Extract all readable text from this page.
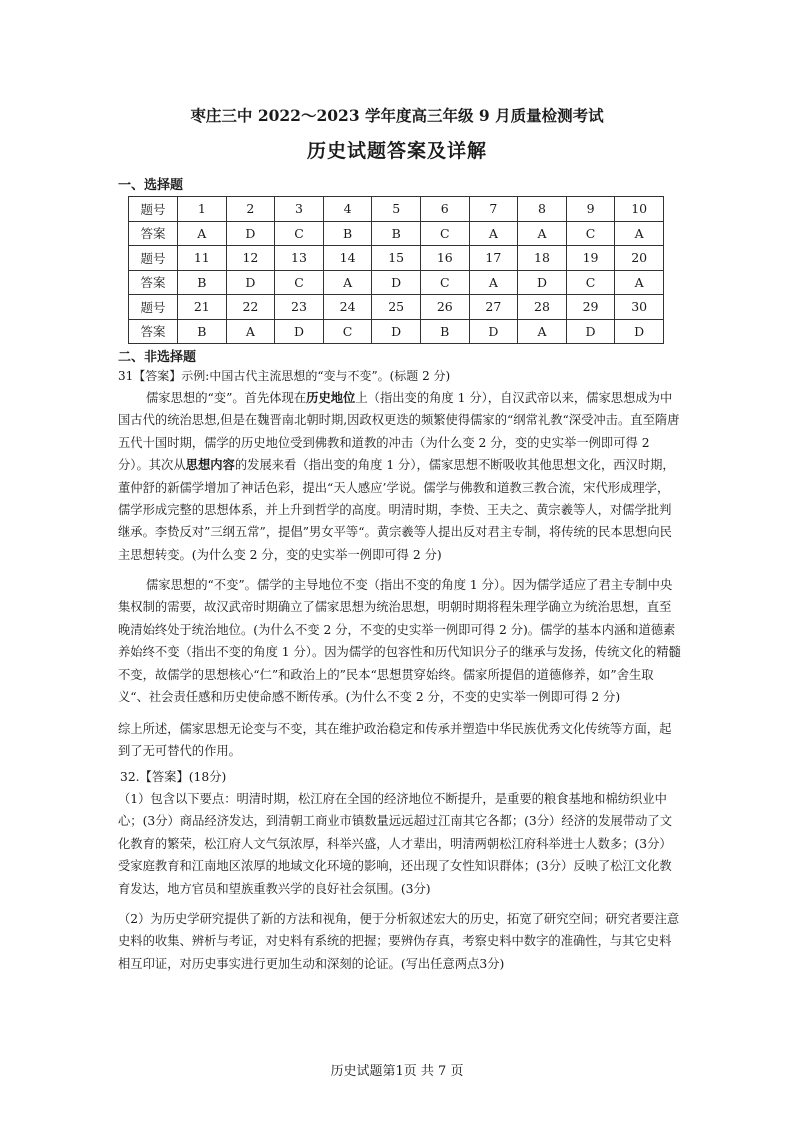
枣庄三中 2022～2023 学年度高三年级 9 月质量检测考试
历史试题答案及详解
一、选择题
题号	1	2	3	4	5	6	7	8	9	10
答案	A	D	C	B	B	C	A	A	C	A
题号	11	12	13	14	15	16	17	18	19	20
答案	B	D	C	A	D	C	A	D	C	A
题号	21	22	23	24	25	26	27	28	29	30
答案	B	A	D	C	D	B	D	A	D	D
二、非选择题
31【答案】示例:中国古代主流思想的“变与不变”。(标题 2 分)
儒家思想的“变”。首先体现在历史地位上（指出变的角度 1 分），自汉武帝以来，儒家思想成为中国古代的统治思想,但是在魏晋南北朝时期,因政权更迭的频繁使得儒家的“纲常礼教“深受冲击。直至隋唐五代十国时期，儒学的历史地位受到佛教和道教的冲击（为什么变 2 分，变的史实举一例即可得 2 分）。其次从思想内容的发展来看（指出变的角度 1 分），儒家思想不断吸收其他思想文化，西汉时期，董仲舒的新儒学增加了神话色彩，提出“天人感应’学说。儒学与佛教和道教三教合流，宋代形成理学，儒学形成完整的思想体系，并上升到哲学的高度。明清时期，李贽、王夫之、黄宗羲等人，对儒学批判继承。李贽反对”三纲五常”，提倡”男女平等“。黄宗羲等人提出反对君主专制，将传统的民本思想向民主思想转变。(为什么变 2 分，变的史实举一例即可得 2 分)
儒家思想的“不变”。儒学的主导地位不变（指出不变的角度 1 分）。因为儒学适应了君主专制中央集权制的需要，故汉武帝时期确立了儒家思想为统治思想，明朝时期将程朱理学确立为统治思想，直至晚清始终处于统治地位。(为什么不变 2 分，不变的史实举一例即可得 2 分)。儒学的基本内涵和道德素养始终不变（指出不变的角度 1 分）。因为儒学的包容性和历代知识分子的继承与发扬，传统文化的精髓不变，故儒学的思想核心“仁”和政治上的”民本“思想贯穿始终。儒家所提倡的道德修养，如”舍生取义“、社会责任感和历史使命感不断传承。(为什么不变 2 分，不变的史实举一例即可得 2 分)
综上所述，儒家思想无论变与不变，其在维护政治稳定和传承并塑造中华民族优秀文化传统等方面，起到了无可替代的作用。
32.【答案】(18分)
（1）包含以下要点：明清时期，松江府在全国的经济地位不断提升，是重要的粮食基地和棉纺织业中心；(3分）商品经济发达，到清朝工商业市镇数量远远超过江南其它各都；(3分）经济的发展带动了文化教育的繁荣，松江府人文气氛浓厚，科举兴盛，人才辈出，明清两朝松江府科举进士人数多；(3分）受家庭教育和江南地区浓厚的地域文化环境的影响，还出现了女性知识群体；(3分）反映了松江文化教育发达，地方官员和望族重教兴学的良好社会氛围。(3分)
（2）为历史学研究提供了新的方法和视角，便于分析叙述宏大的历史，拓宽了研究空间；研究者要注意史料的收集、辨析与考证，对史料有系统的把握；要辨伪存真，考察史料中数字的准确性，与其它史料相互印证，对历史事实进行更加生动和深刻的论证。(写出任意两点3分)
历史试题第1页 共 7 页
